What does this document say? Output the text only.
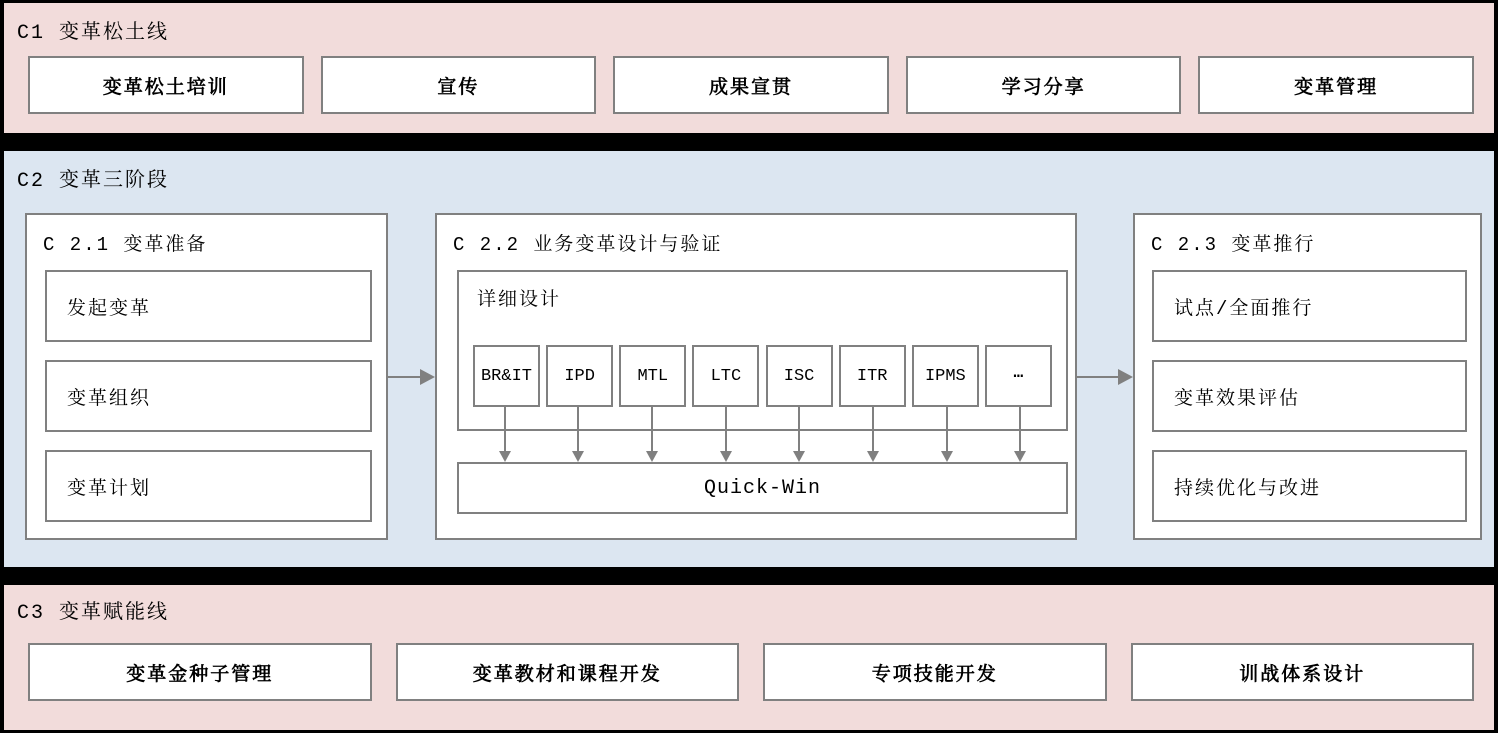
C1 变革松土线
变革松土培训	宣传	成果宣贯	学习分享	变革管理
C2 变革三阶段
C 2.1 变革准备
发起变革
变革组织
变革计划
C 2.2 业务变革设计与验证
详细设计
BR&IT	IPD	MTL	LTC	ISC	ITR	IPMS	⋯
Quick-Win
C 2.3 变革推行
试点/全面推行
变革效果评估
持续优化与改进
C3 变革赋能线
变革金种子管理	变革教材和课程开发	专项技能开发	训战体系设计
